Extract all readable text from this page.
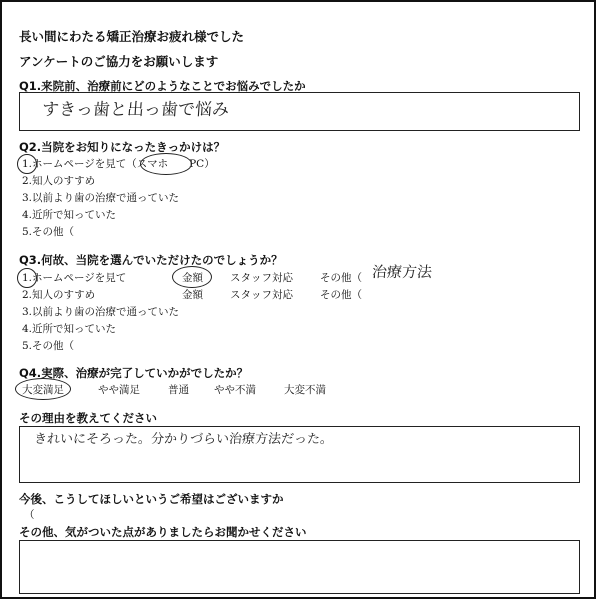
長い間にわたる矯正治療お疲れ様でした
アンケートのご協力をお願いします
Q1.来院前、治療前にどのようなことでお悩みでしたか
すきっ歯と出っ歯で悩み
Q2.当院をお知りになったきっかけは？
1.ホームページを見て（スマホ　　PC）
2.知人のすすめ
3.以前より歯の治療で通っていた
4.近所で知っていた
5.その他（
Q3.何故、当院を選んでいただけたのでしょうか？
1.ホームページを見て	金額	スタッフ対応	その他（ 治療方法
2.知人のすすめ	金額	スタッフ対応	その他（
3.以前より歯の治療で通っていた
4.近所で知っていた
5.その他（
Q4.実際、治療が完了していかがでしたか？
大変満足	やや満足	普通 やや不満	大変不満
その理由を教えてください
きれいにそろった。分かりづらい治療方法だった。
今後、こうしてほしいというご希望はございますか
（
その他、気がついた点がありましたらお聞かせください
